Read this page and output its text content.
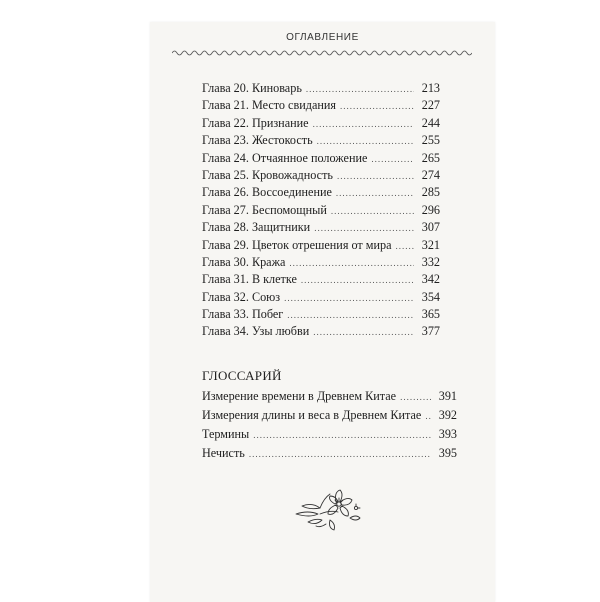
ОГЛАВЛЕНИЕ
Глава 20. Киноварь .....	213
Глава 21. Место свидания .....	227
Глава 22. Признание .....	244
Глава 23. Жестокость .....	255
Глава 24. Отчаянное положение .....	265
Глава 25. Кровожадность .....	274
Глава 26. Воссоединение .....	285
Глава 27. Беспомощный .....	296
Глава 28. Защитники .....	307
Глава 29. Цветок отрешения от мира .....	321
Глава 30. Кража .....	332
Глава 31. В клетке .....	342
Глава 32. Союз .....	354
Глава 33. Побег .....	365
Глава 34. Узы любви .....	377
ГЛОССАРИЙ
Измерение времени в Древнем Китае .....	391
Измерения длины и веса в Древнем Китае .....	392
Термины .....	393
Нечисть .....	395
